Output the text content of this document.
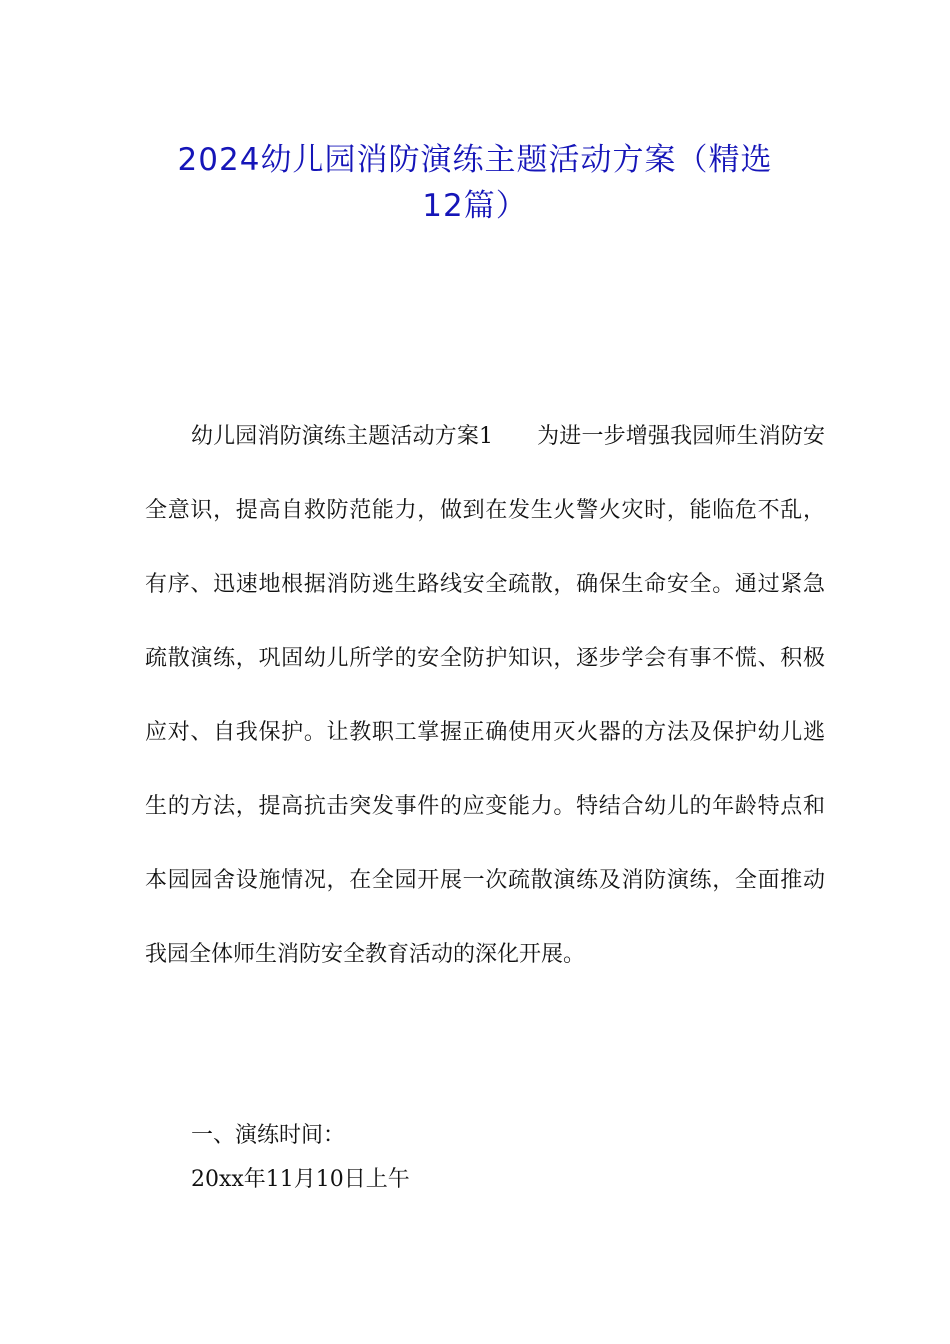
2024幼儿园消防演练主题活动方案（精选
12篇）

幼儿园消防演练主题活动方案1 为进一步增强我园师生消防安全意识，提高自救防范能力，做到在发生火警火灾时，能临危不乱，有序、迅速地根据消防逃生路线安全疏散，确保生命安全。通过紧急疏散演练，巩固幼儿所学的安全防护知识，逐步学会有事不慌、积极应对、自我保护。让教职工掌握正确使用灭火器的方法及保护幼儿逃生的方法，提高抗击突发事件的应变能力。特结合幼儿的年龄特点和本园园舍设施情况，在全园开展一次疏散演练及消防演练，全面推动我园全体师生消防安全教育活动的深化开展。

一、演练时间：

20xx年11月10日上午
